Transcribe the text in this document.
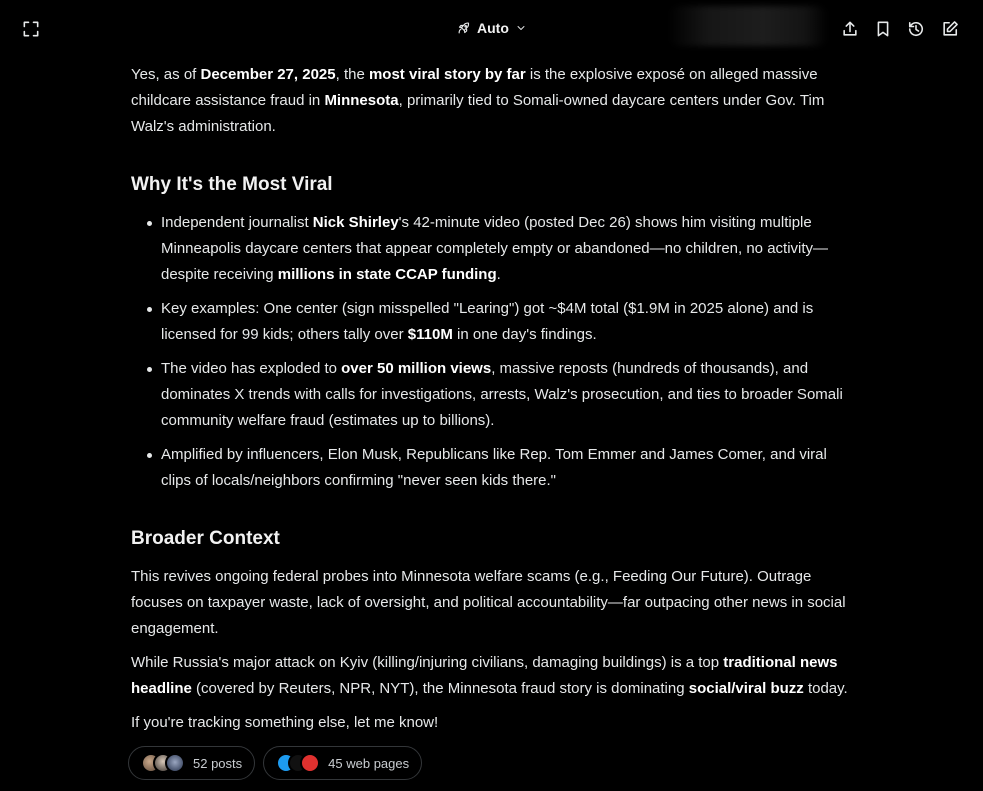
Auto

Yes, as of December 27, 2025, the most viral story by far is the explosive exposé on alleged massive childcare assistance fraud in Minnesota, primarily tied to Somali-owned daycare centers under Gov. Tim Walz's administration.

Why It's the Most Viral
Independent journalist Nick Shirley's 42-minute video (posted Dec 26) shows him visiting multiple Minneapolis daycare centers that appear completely empty or abandoned—no children, no activity—despite receiving millions in state CCAP funding.
Key examples: One center (sign misspelled "Learing") got ~$4M total ($1.9M in 2025 alone) and is licensed for 99 kids; others tally over $110M in one day's findings.
The video has exploded to over 50 million views, massive reposts (hundreds of thousands), and dominates X trends with calls for investigations, arrests, Walz's prosecution, and ties to broader Somali community welfare fraud (estimates up to billions).
Amplified by influencers, Elon Musk, Republicans like Rep. Tom Emmer and James Comer, and viral clips of locals/neighbors confirming "never seen kids there."
Broader Context

This revives ongoing federal probes into Minnesota welfare scams (e.g., Feeding Our Future). Outrage focuses on taxpayer waste, lack of oversight, and political accountability—far outpacing other news in social engagement.

While Russia's major attack on Kyiv (killing/injuring civilians, damaging buildings) is a top traditional news headline (covered by Reuters, NPR, NYT), the Minnesota fraud story is dominating social/viral buzz today.

If you're tracking something else, let me know!

52 posts	45 web pages
